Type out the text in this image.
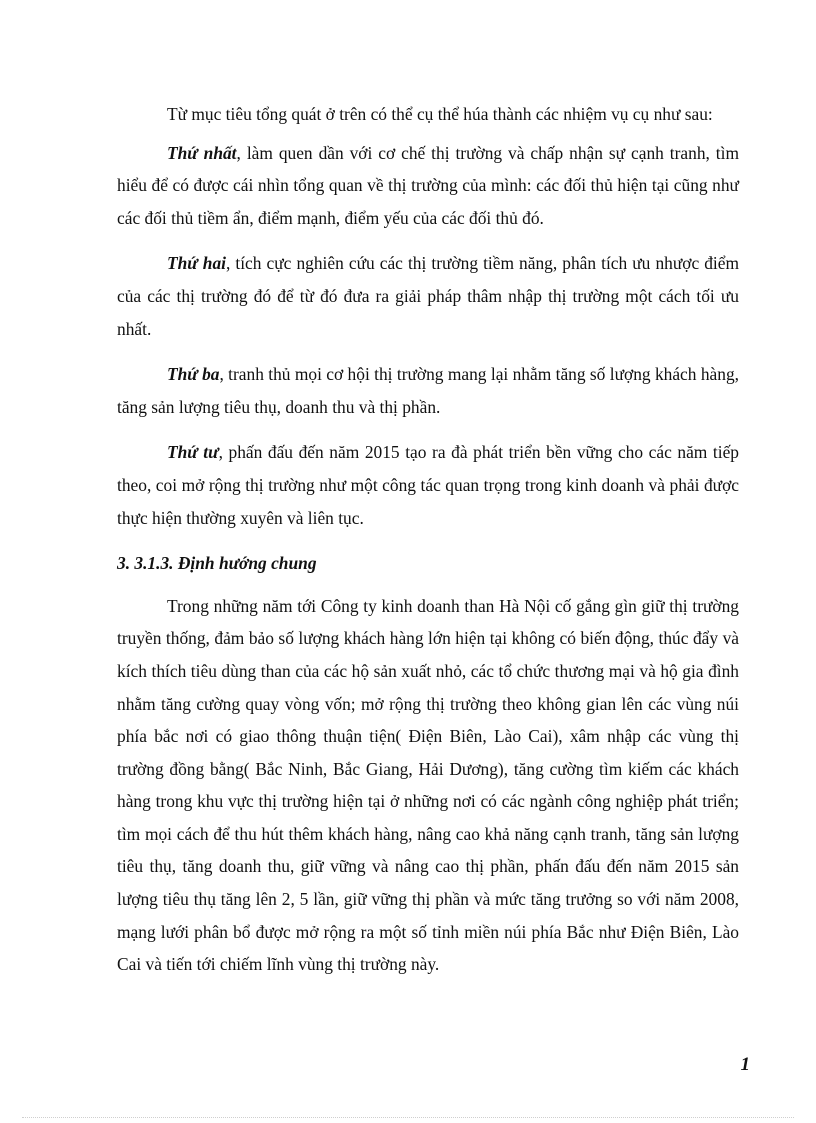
Từ mục tiêu tổng quát ở trên có thể cụ thể húa thành các nhiệm vụ cụ như sau:

Thứ nhất, làm quen dần với cơ chế thị trường và chấp nhận sự cạnh tranh, tìm hiểu để có được cái nhìn tổng quan về thị trường của mình: các đối thủ hiện tại cũng như các đối thủ tiềm ẩn, điểm mạnh, điểm yếu của các đối thủ đó.

Thứ hai, tích cực nghiên cứu các thị trường tiềm năng, phân tích ưu nhược điểm của các thị trường đó để từ đó đưa ra giải pháp thâm nhập thị trường một cách tối ưu nhất.

Thứ ba, tranh thủ mọi cơ hội thị trường mang lại nhằm tăng số lượng khách hàng, tăng sản lượng tiêu thụ, doanh thu và thị phần.

Thứ tư, phấn đấu đến năm 2015 tạo ra đà phát triển bền vững cho các năm tiếp theo, coi mở rộng thị trường như một công tác quan trọng trong kinh doanh và phải được thực hiện thường xuyên và liên tục.

3. 3.1.3. Định hướng chung

Trong những năm tới Công ty kinh doanh than Hà Nội cố gắng gìn giữ thị trường truyền thống, đảm bảo số lượng khách hàng lớn hiện tại không có biến động, thúc đẩy và kích thích tiêu dùng than của các hộ sản xuất nhỏ, các tổ chức thương mại và hộ gia đình nhằm tăng cường quay vòng vốn; mở rộng thị trường theo không gian lên các vùng núi phía bắc nơi có giao thông thuận tiện( Điện Biên, Lào Cai), xâm nhập các vùng thị trường đồng bằng( Bắc Ninh, Bắc Giang, Hải Dương), tăng cường tìm kiếm các khách hàng trong khu vực thị trường hiện tại ở những nơi có các ngành công nghiệp phát triển; tìm mọi cách để thu hút thêm khách hàng, nâng cao khả năng cạnh tranh, tăng sản lượng tiêu thụ, tăng doanh thu, giữ vững và nâng cao thị phần, phấn đấu đến năm 2015 sản lượng tiêu thụ tăng lên 2, 5 lần, giữ vững thị phần và mức tăng trưởng so với năm 2008, mạng lưới phân bổ được mở rộng ra một số tỉnh miền núi phía Bắc như Điện Biên, Lào Cai và tiến tới chiếm lĩnh vùng thị trường này.

1
